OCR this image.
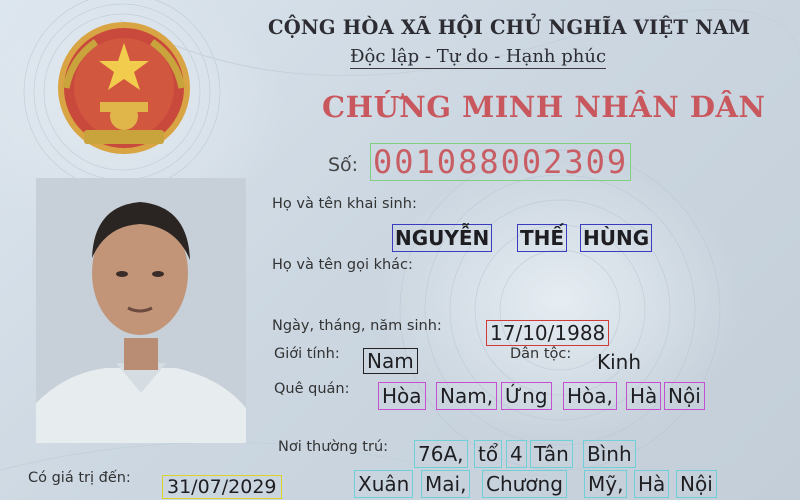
CỘNG HÒA XÃ HỘI CHỦ NGHĨA VIỆT NAM
Độc lập - Tự do - Hạnh phúc
CHỨNG MINH NHÂN DÂN
Số: 001088002309
Họ và tên khai sinh:
NGUYỄN THẾ HÙNG
Họ và tên gọi khác:
Ngày, tháng, năm sinh: 17/10/1988
Giới tính: Nam	Dân tộc: Kinh
Quê quán: Hòa Nam, Ứng Hòa, Hà Nội
Nơi thường trú: 76A, tổ 4 Tân Bình
Xuân Mai, Chương Mỹ, Hà Nội
Có giá trị đến: 31/07/2029
